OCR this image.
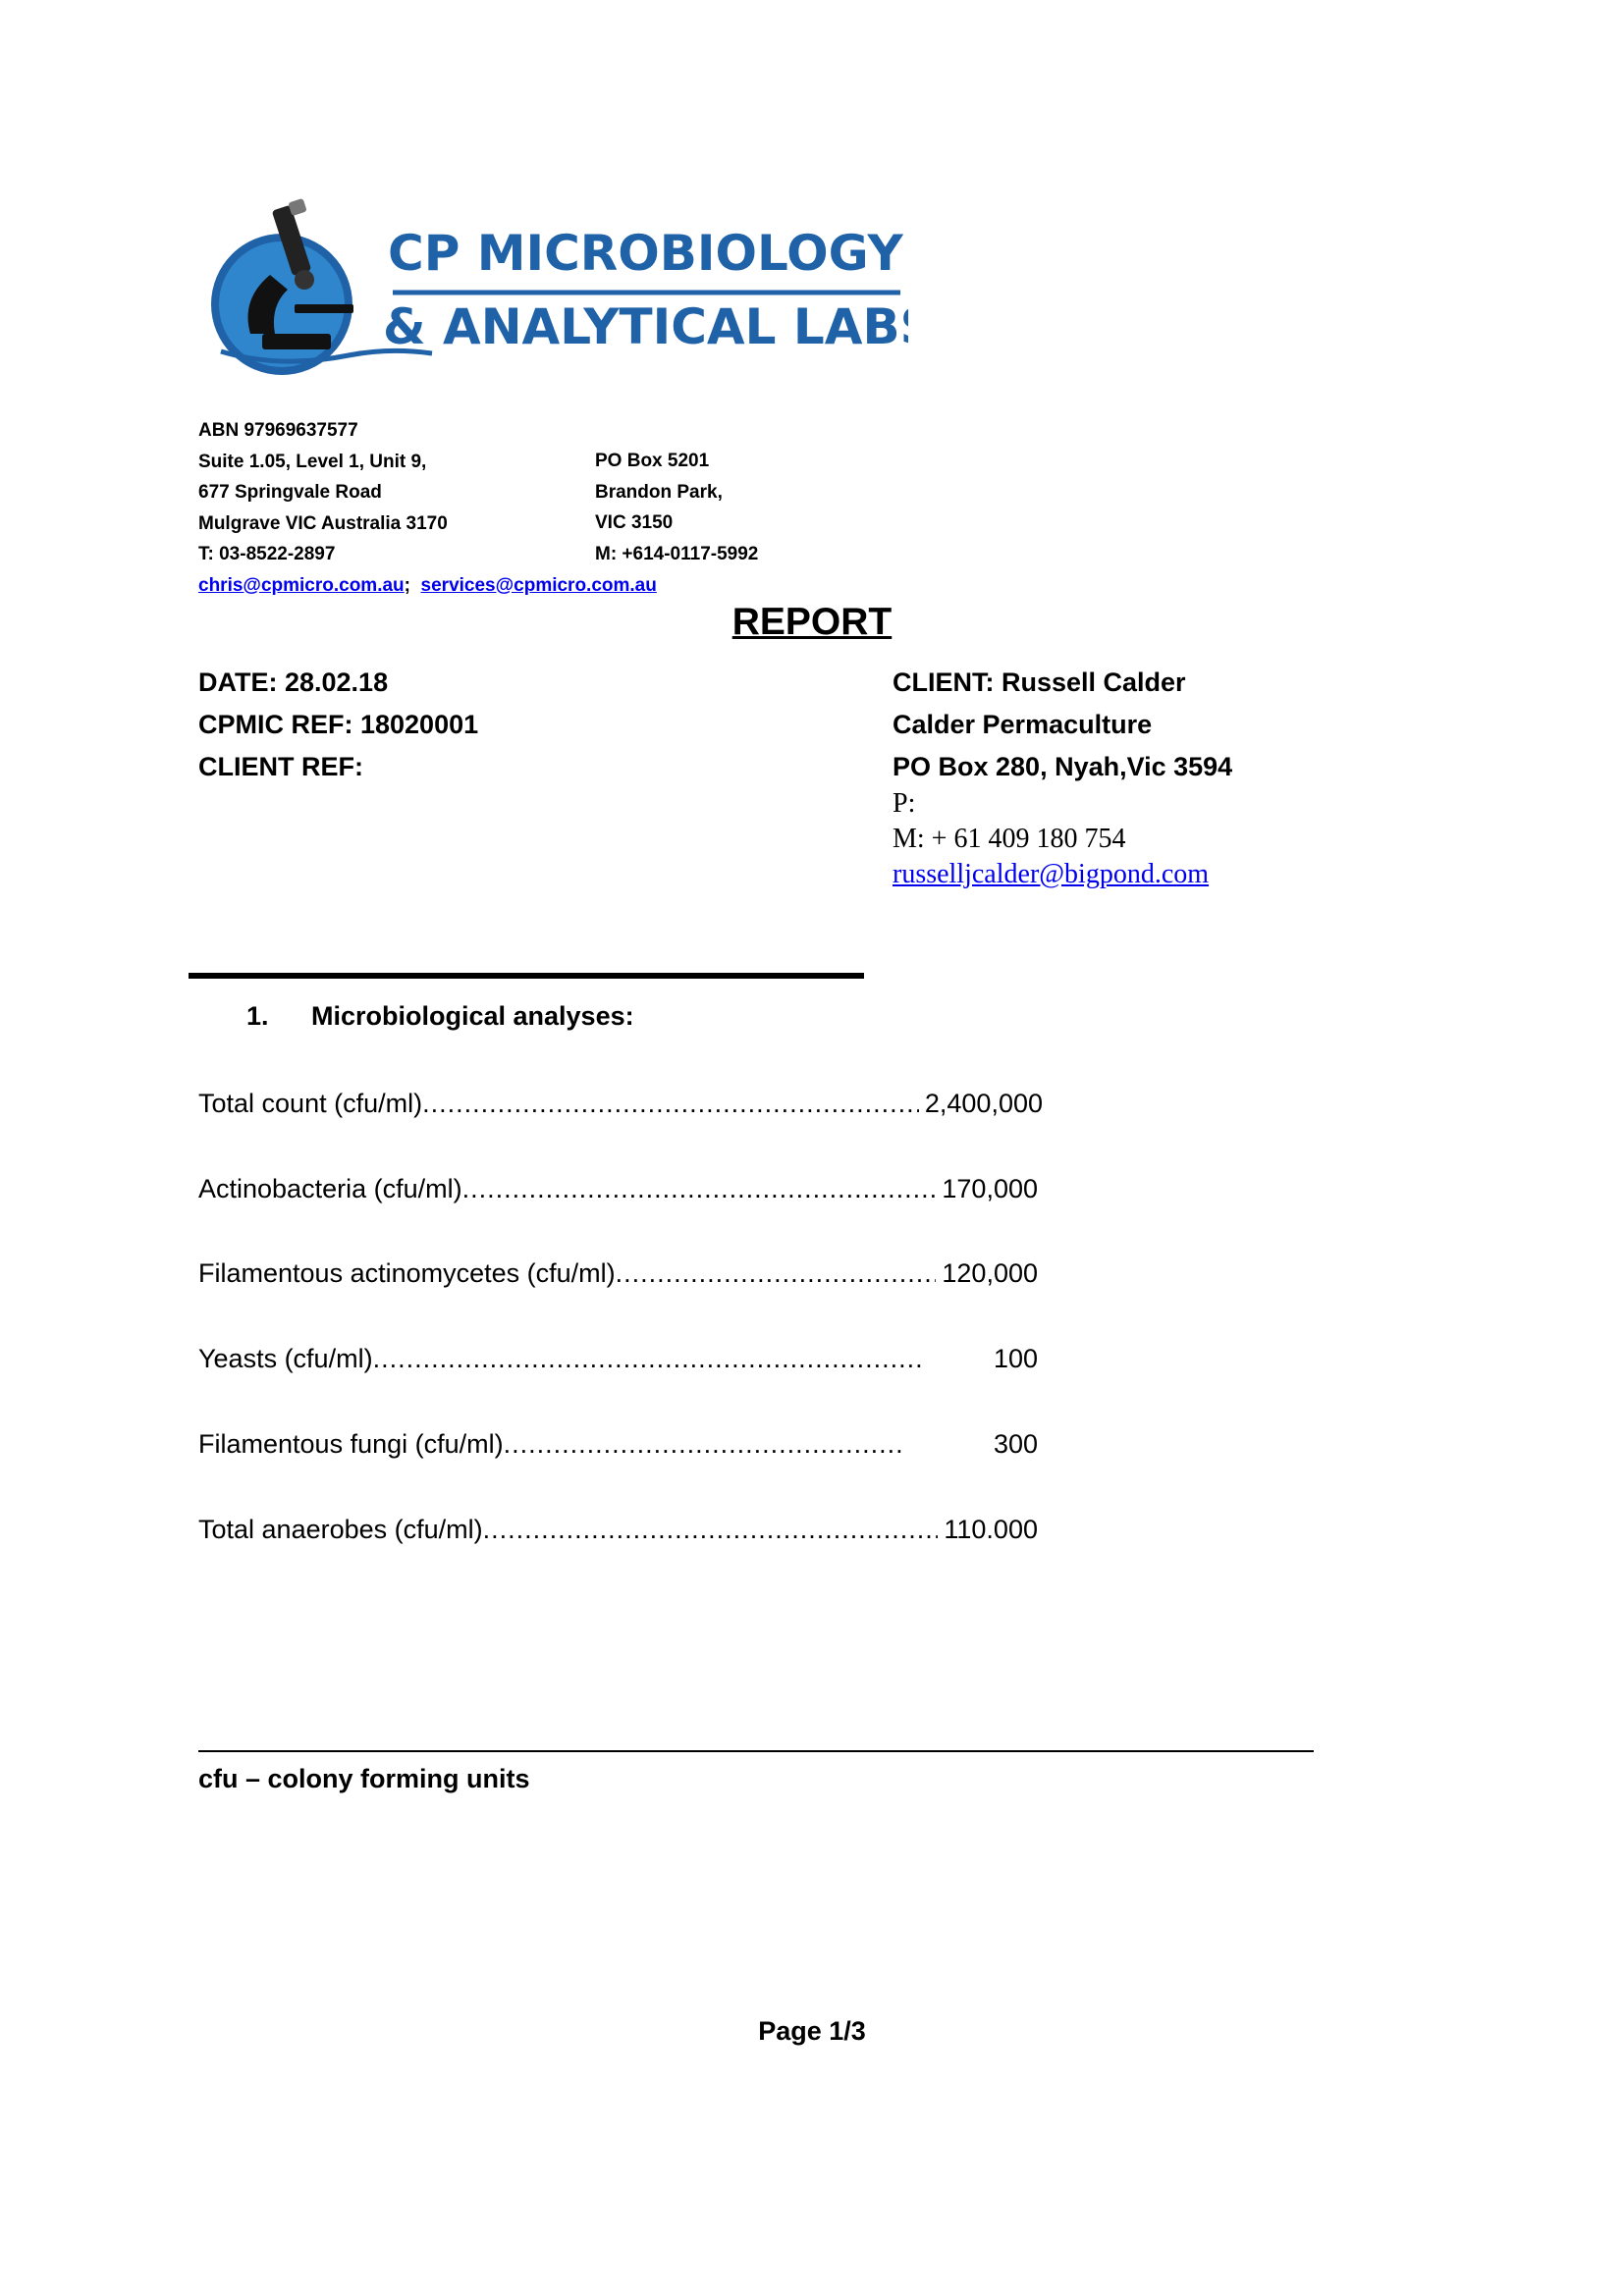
CP MICROBIOLOGY
& ANALYTICAL LABS
ABN 97969637577
Suite 1.05, Level 1, Unit 9,
677 Springvale Road
Mulgrave VIC Australia 3170
T: 03-8522-2897
chris@cpmicro.com.au; services@cpmicro.com.au
PO Box 5201
Brandon Park,
VIC 3150
M: +614-0117-5992
REPORT
DATE: 28.02.18
CPMIC REF: 18020001
CLIENT REF:
CLIENT: Russell Calder
Calder Permaculture
PO Box 280, Nyah,Vic 3594
P:
M: + 61 409 180 754
russelljcalder@bigpond.com
1. Microbiological analyses:
Total count (cfu/ml) .....	2,400,000
Actinobacteria (cfu/ml) .....	170,000
Filamentous actinomycetes (cfu/ml) .....	120,000
Yeasts (cfu/ml) .....	100
Filamentous fungi (cfu/ml) .....	300
Total anaerobes (cfu/ml) .....	110.000
cfu – colony forming units
Page 1/3
